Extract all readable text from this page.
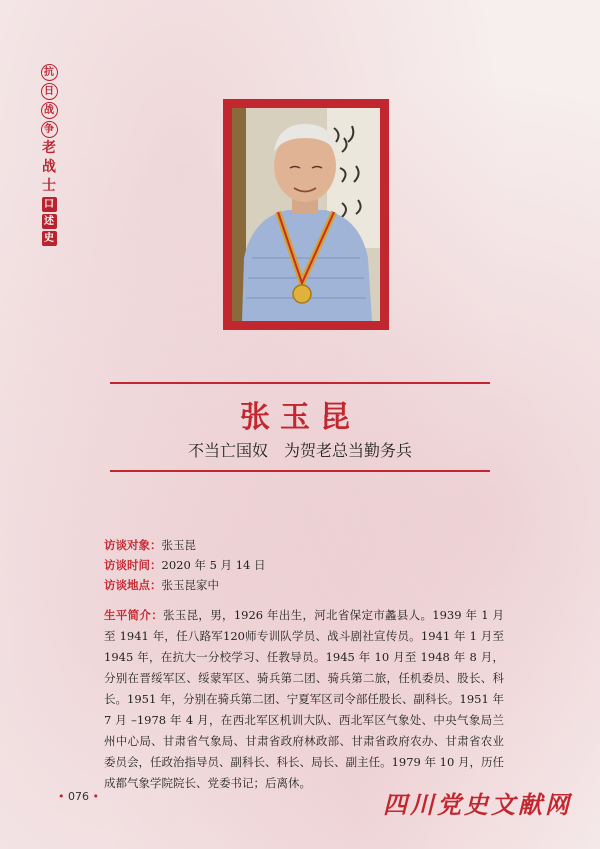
抗
日
战
争
老
战
士
口
述
史
张玉昆
不当亡国奴　为贺老总当勤务兵
访谈对象： 张玉昆
访谈时间： 2020 年 5 月 14 日
访谈地点： 张玉昆家中
生平简介：张玉昆，男，1926 年出生，河北省保定市蠡县人。1939 年 1 月至 1941 年，任八路军120师专训队学员、战斗剧社宣传员。1941 年 1 月至 1945 年，在抗大一分校学习、任教导员。1945 年 10 月至 1948 年 8 月，分别在晋绥军区、绥蒙军区、骑兵第二团、骑兵第二旅，任机委员、股长、科长。1951 年，分别在骑兵第二团、宁夏军区司令部任股长、副科长。1951 年 7 月 –1978 年 4 月，在西北军区机训大队、西北军区气象处、中央气象局兰州中心局、甘肃省气象局、甘肃省政府林政部、甘肃省政府农办、甘肃省农业委员会，任政治指导员、副科长、科长、局长、副主任。1979 年 10 月，历任成都气象学院院长、党委书记；后离休。
• 076 •	四川党史文献网
